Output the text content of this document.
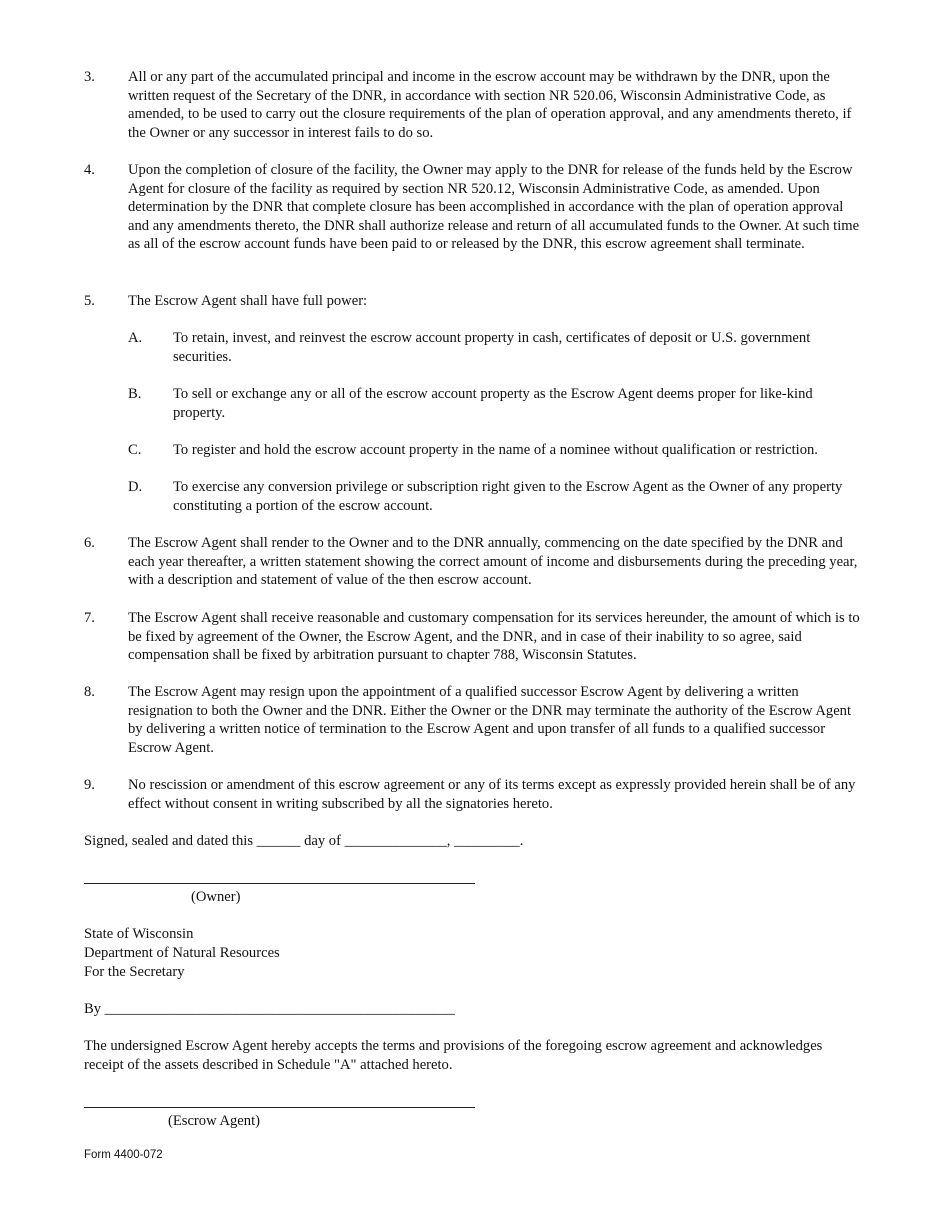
3. All or any part of the accumulated principal and income in the escrow account may be withdrawn by the DNR, upon the written request of the Secretary of the DNR, in accordance with section NR 520.06, Wisconsin Administrative Code, as amended, to be used to carry out the closure requirements of the plan of operation approval, and any amendments thereto, if the Owner or any successor in interest fails to do so.
4. Upon the completion of closure of the facility, the Owner may apply to the DNR for release of the funds held by the Escrow Agent for closure of the facility as required by section NR 520.12, Wisconsin Administrative Code, as amended. Upon determination by the DNR that complete closure has been accomplished in accordance with the plan of operation approval and any amendments thereto, the DNR shall authorize release and return of all accumulated funds to the Owner. At such time as all of the escrow account funds have been paid to or released by the DNR, this escrow agreement shall terminate.
5. The Escrow Agent shall have full power:
A. To retain, invest, and reinvest the escrow account property in cash, certificates of deposit or U.S. government securities.
B. To sell or exchange any or all of the escrow account property as the Escrow Agent deems proper for like-kind property.
C. To register and hold the escrow account property in the name of a nominee without qualification or restriction.
D. To exercise any conversion privilege or subscription right given to the Escrow Agent as the Owner of any property constituting a portion of the escrow account.
6. The Escrow Agent shall render to the Owner and to the DNR annually, commencing on the date specified by the DNR and each year thereafter, a written statement showing the correct amount of income and disbursements during the preceding year, with a description and statement of value of the then escrow account.
7. The Escrow Agent shall receive reasonable and customary compensation for its services hereunder, the amount of which is to be fixed by agreement of the Owner, the Escrow Agent, and the DNR, and in case of their inability to so agree, said compensation shall be fixed by arbitration pursuant to chapter 788, Wisconsin Statutes.
8. The Escrow Agent may resign upon the appointment of a qualified successor Escrow Agent by delivering a written resignation to both the Owner and the DNR. Either the Owner or the DNR may terminate the authority of the Escrow Agent by delivering a written notice of termination to the Escrow Agent and upon transfer of all funds to a qualified successor Escrow Agent.
9. No rescission or amendment of this escrow agreement or any of its terms except as expressly provided herein shall be of any effect without consent in writing subscribed by all the signatories hereto.
Signed, sealed and dated this ______ day of ______________, _________.
(Owner)
State of Wisconsin
Department of Natural Resources
For the Secretary
By ________________________________________________
The undersigned Escrow Agent hereby accepts the terms and provisions of the foregoing escrow agreement and acknowledges receipt of the assets described in Schedule "A" attached hereto.
(Escrow Agent)
Form 4400-072
